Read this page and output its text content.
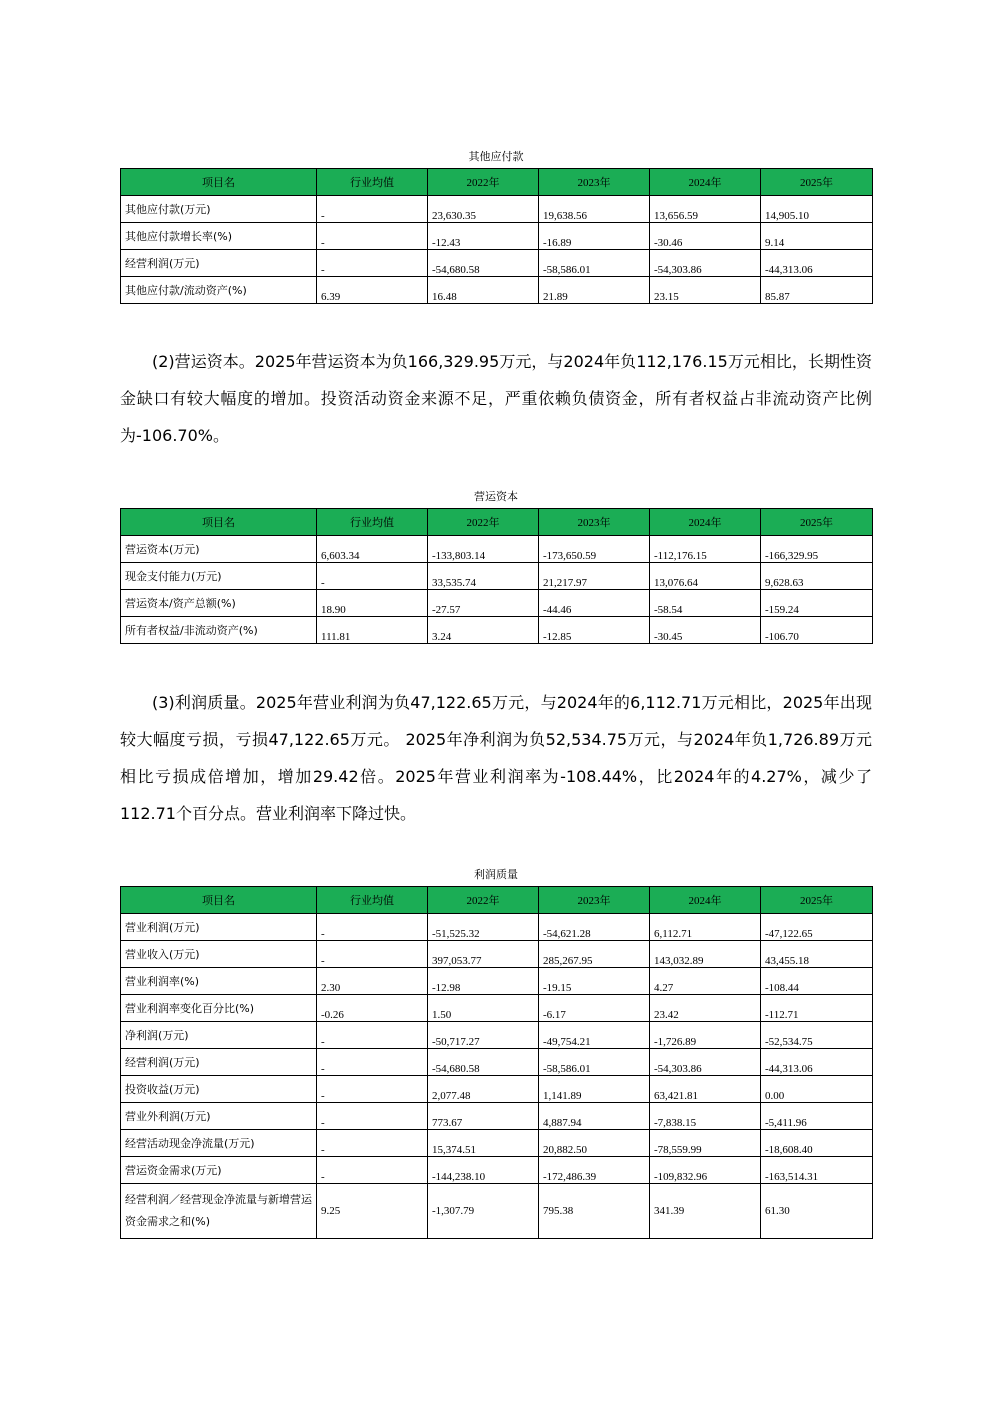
其他应付款
项目名	行业均值	2022年	2023年	2024年	2025年
其他应付款(万元)	-	23,630.35	19,638.56	13,656.59	14,905.10
其他应付款增长率(%)	-	-12.43	-16.89	-30.46	9.14
经营利润(万元)	-	-54,680.58	-58,586.01	-54,303.86	-44,313.06
其他应付款/流动资产(%)	6.39	16.48	21.89	23.15	85.87

(2)营运资本。2025年营运资本为负166,329.95万元，与2024年负112,176.15万元相比，长期性资金缺口有较大幅度的增加。投资活动资金来源不足，严重依赖负债资金，所有者权益占非流动资产比例为-106.70%。

营运资本
项目名	行业均值	2022年	2023年	2024年	2025年
营运资本(万元)	6,603.34	-133,803.14	-173,650.59	-112,176.15	-166,329.95
现金支付能力(万元)	-	33,535.74	21,217.97	13,076.64	9,628.63
营运资本/资产总额(%)	18.90	-27.57	-44.46	-58.54	-159.24
所有者权益/非流动资产(%)	111.81	3.24	-12.85	-30.45	-106.70

(3)利润质量。2025年营业利润为负47,122.65万元，与2024年的6,112.71万元相比，2025年出现较大幅度亏损，亏损47,122.65万元。 2025年净利润为负52,534.75万元，与2024年负1,726.89万元相比亏损成倍增加，增加29.42倍。2025年营业利润率为-108.44%，比2024年的4.27%，减少了112.71个百分点。营业利润率下降过快。

利润质量
项目名	行业均值	2022年	2023年	2024年	2025年
营业利润(万元)	-	-51,525.32	-54,621.28	6,112.71	-47,122.65
营业收入(万元)	-	397,053.77	285,267.95	143,032.89	43,455.18
营业利润率(%)	2.30	-12.98	-19.15	4.27	-108.44
营业利润率变化百分比(%)	-0.26	1.50	-6.17	23.42	-112.71
净利润(万元)	-	-50,717.27	-49,754.21	-1,726.89	-52,534.75
经营利润(万元)	-	-54,680.58	-58,586.01	-54,303.86	-44,313.06
投资收益(万元)	-	2,077.48	1,141.89	63,421.81	0.00
营业外利润(万元)	-	773.67	4,887.94	-7,838.15	-5,411.96
经营活动现金净流量(万元)	-	15,374.51	20,882.50	-78,559.99	-18,608.40
营运资金需求(万元)	-	-144,238.10	-172,486.39	-109,832.96	-163,514.31
经营利润／经营现金净流量与新增营运资金需求之和(%)	9.25	-1,307.79	795.38	341.39	61.30
